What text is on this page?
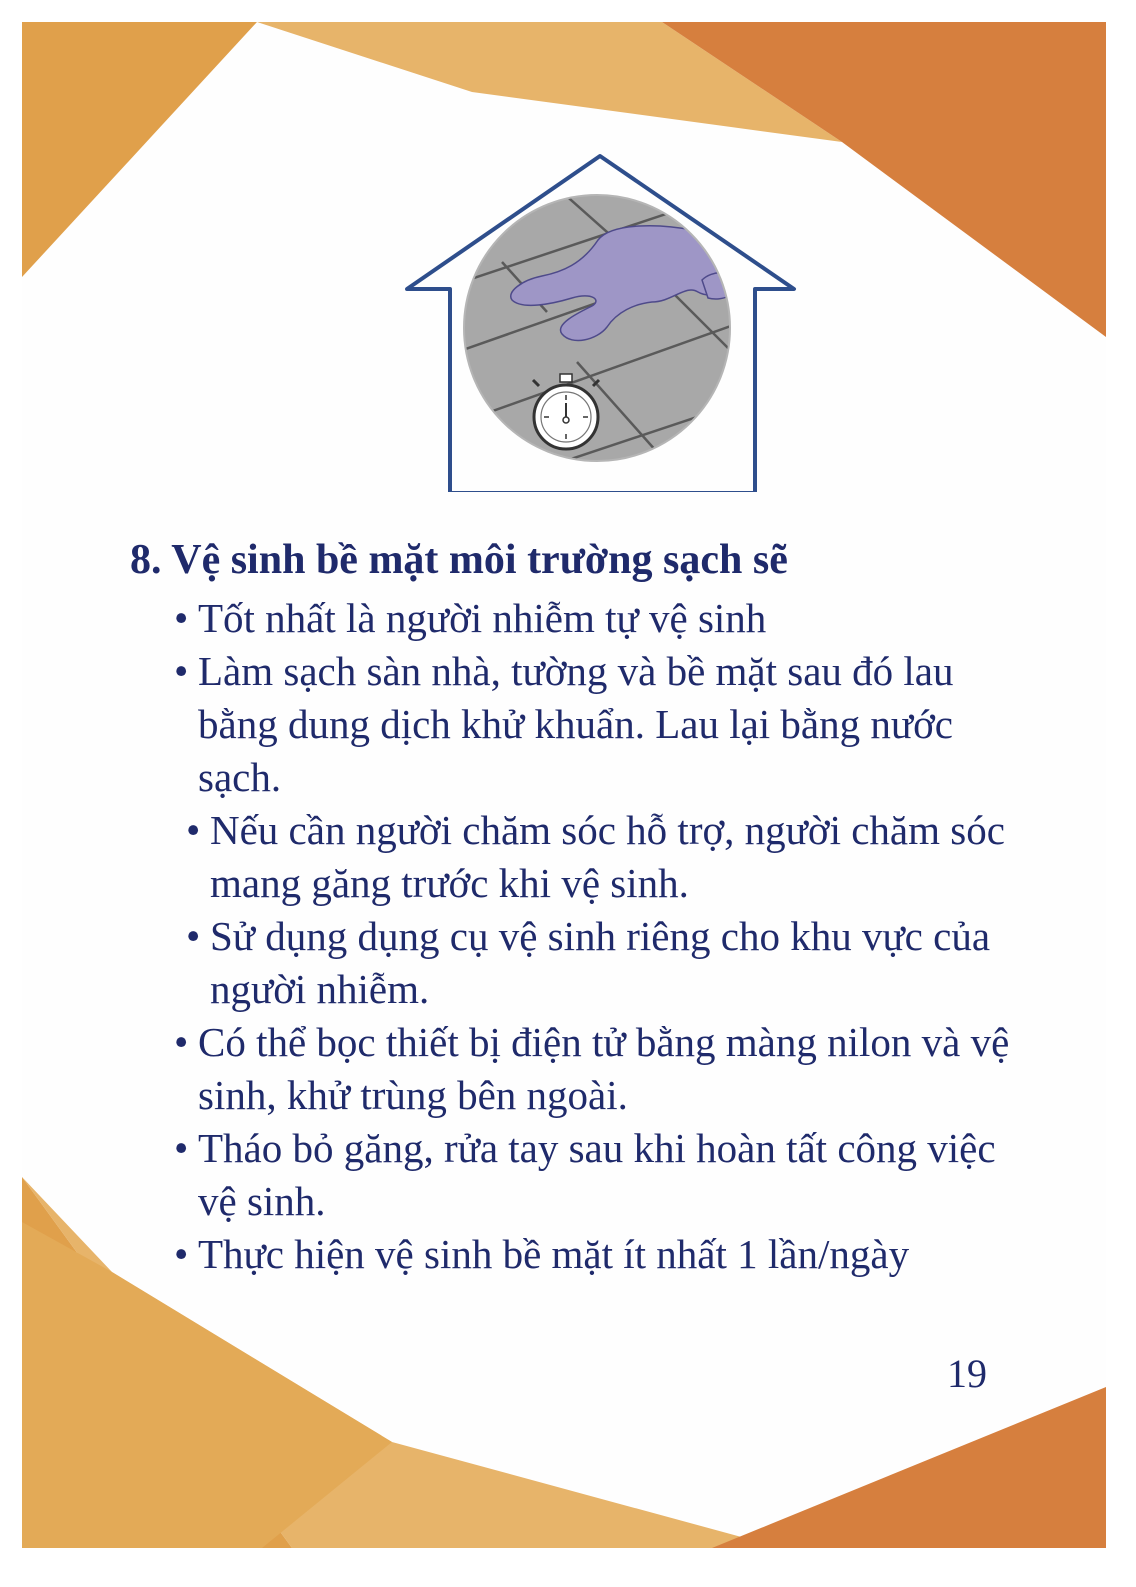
8. Vệ sinh bề mặt môi trường sạch sẽ
• Tốt nhất là người nhiễm tự vệ sinh
• Làm sạch sàn nhà, tường và bề mặt sau đó lau bằng dung dịch khử khuẩn. Lau lại bằng nước sạch.
• Nếu cần người chăm sóc hỗ trợ, người chăm sóc mang găng trước khi vệ sinh.
• Sử dụng dụng cụ vệ sinh riêng cho khu vực của người nhiễm.
• Có thể bọc thiết bị điện tử bằng màng nilon và vệ sinh, khử trùng bên ngoài.
• Tháo bỏ găng, rửa tay sau khi hoàn tất công việc vệ sinh.
• Thực hiện vệ sinh bề mặt ít nhất 1 lần/ngày
19
